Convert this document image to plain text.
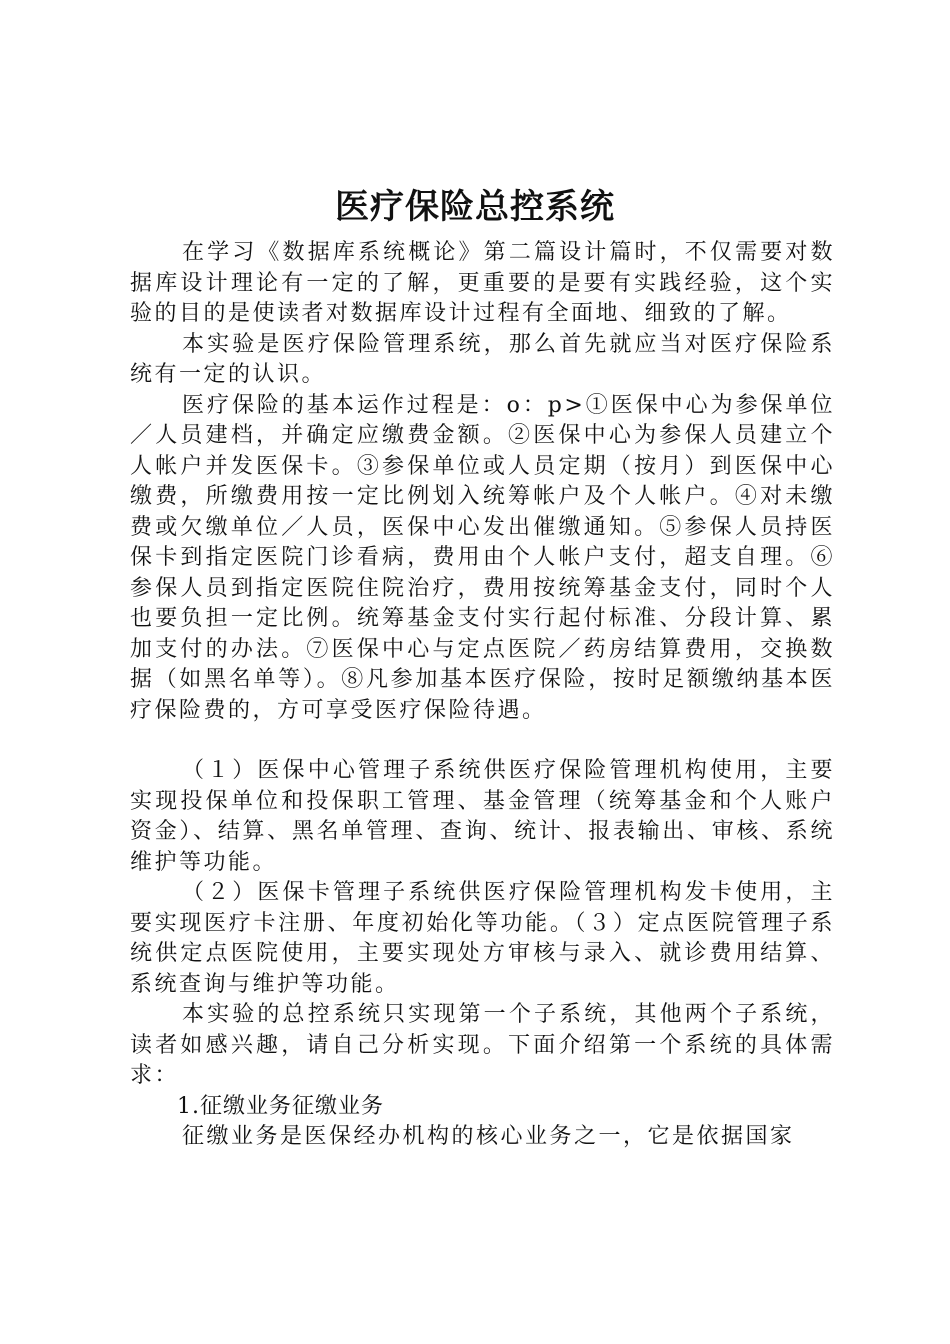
医疗保险总控系统

在学习《数据库系统概论》第二篇设计篇时，不仅需要对数据库设计理论有一定的了解，更重要的是要有实践经验，这个实验的目的是使读者对数据库设计过程有全面地、细致的了解。

本实验是医疗保险管理系统，那么首先就应当对医疗保险系统有一定的认识。

医疗保险的基本运作过程是：o：p>①医保中心为参保单位／人员建档，并确定应缴费金额。②医保中心为参保人员建立个人帐户并发医保卡。③参保单位或人员定期（按月）到医保中心缴费，所缴费用按一定比例划入统筹帐户及个人帐户。④对未缴费或欠缴单位／人员，医保中心发出催缴通知。⑤参保人员持医保卡到指定医院门诊看病，费用由个人帐户支付，超支自理。⑥参保人员到指定医院住院治疗，费用按统筹基金支付，同时个人也要负担一定比例。统筹基金支付实行起付标准、分段计算、累加支付的办法。⑦医保中心与定点医院／药房结算费用，交换数据（如黑名单等）。⑧凡参加基本医疗保险，按时足额缴纳基本医疗保险费的，方可享受医疗保险待遇。

（１）医保中心管理子系统供医疗保险管理机构使用，主要实现投保单位和投保职工管理、基金管理（统筹基金和个人账户资金）、结算、黑名单管理、查询、统计、报表输出、审核、系统维护等功能。

（２）医保卡管理子系统供医疗保险管理机构发卡使用，主要实现医疗卡注册、年度初始化等功能。（３）定点医院管理子系统供定点医院使用，主要实现处方审核与录入、就诊费用结算、系统查询与维护等功能。

本实验的总控系统只实现第一个子系统，其他两个子系统，读者如感兴趣，请自己分析实现。下面介绍第一个系统的具体需求：

1.征缴业务征缴业务

征缴业务是医保经办机构的核心业务之一，它是依据国家
